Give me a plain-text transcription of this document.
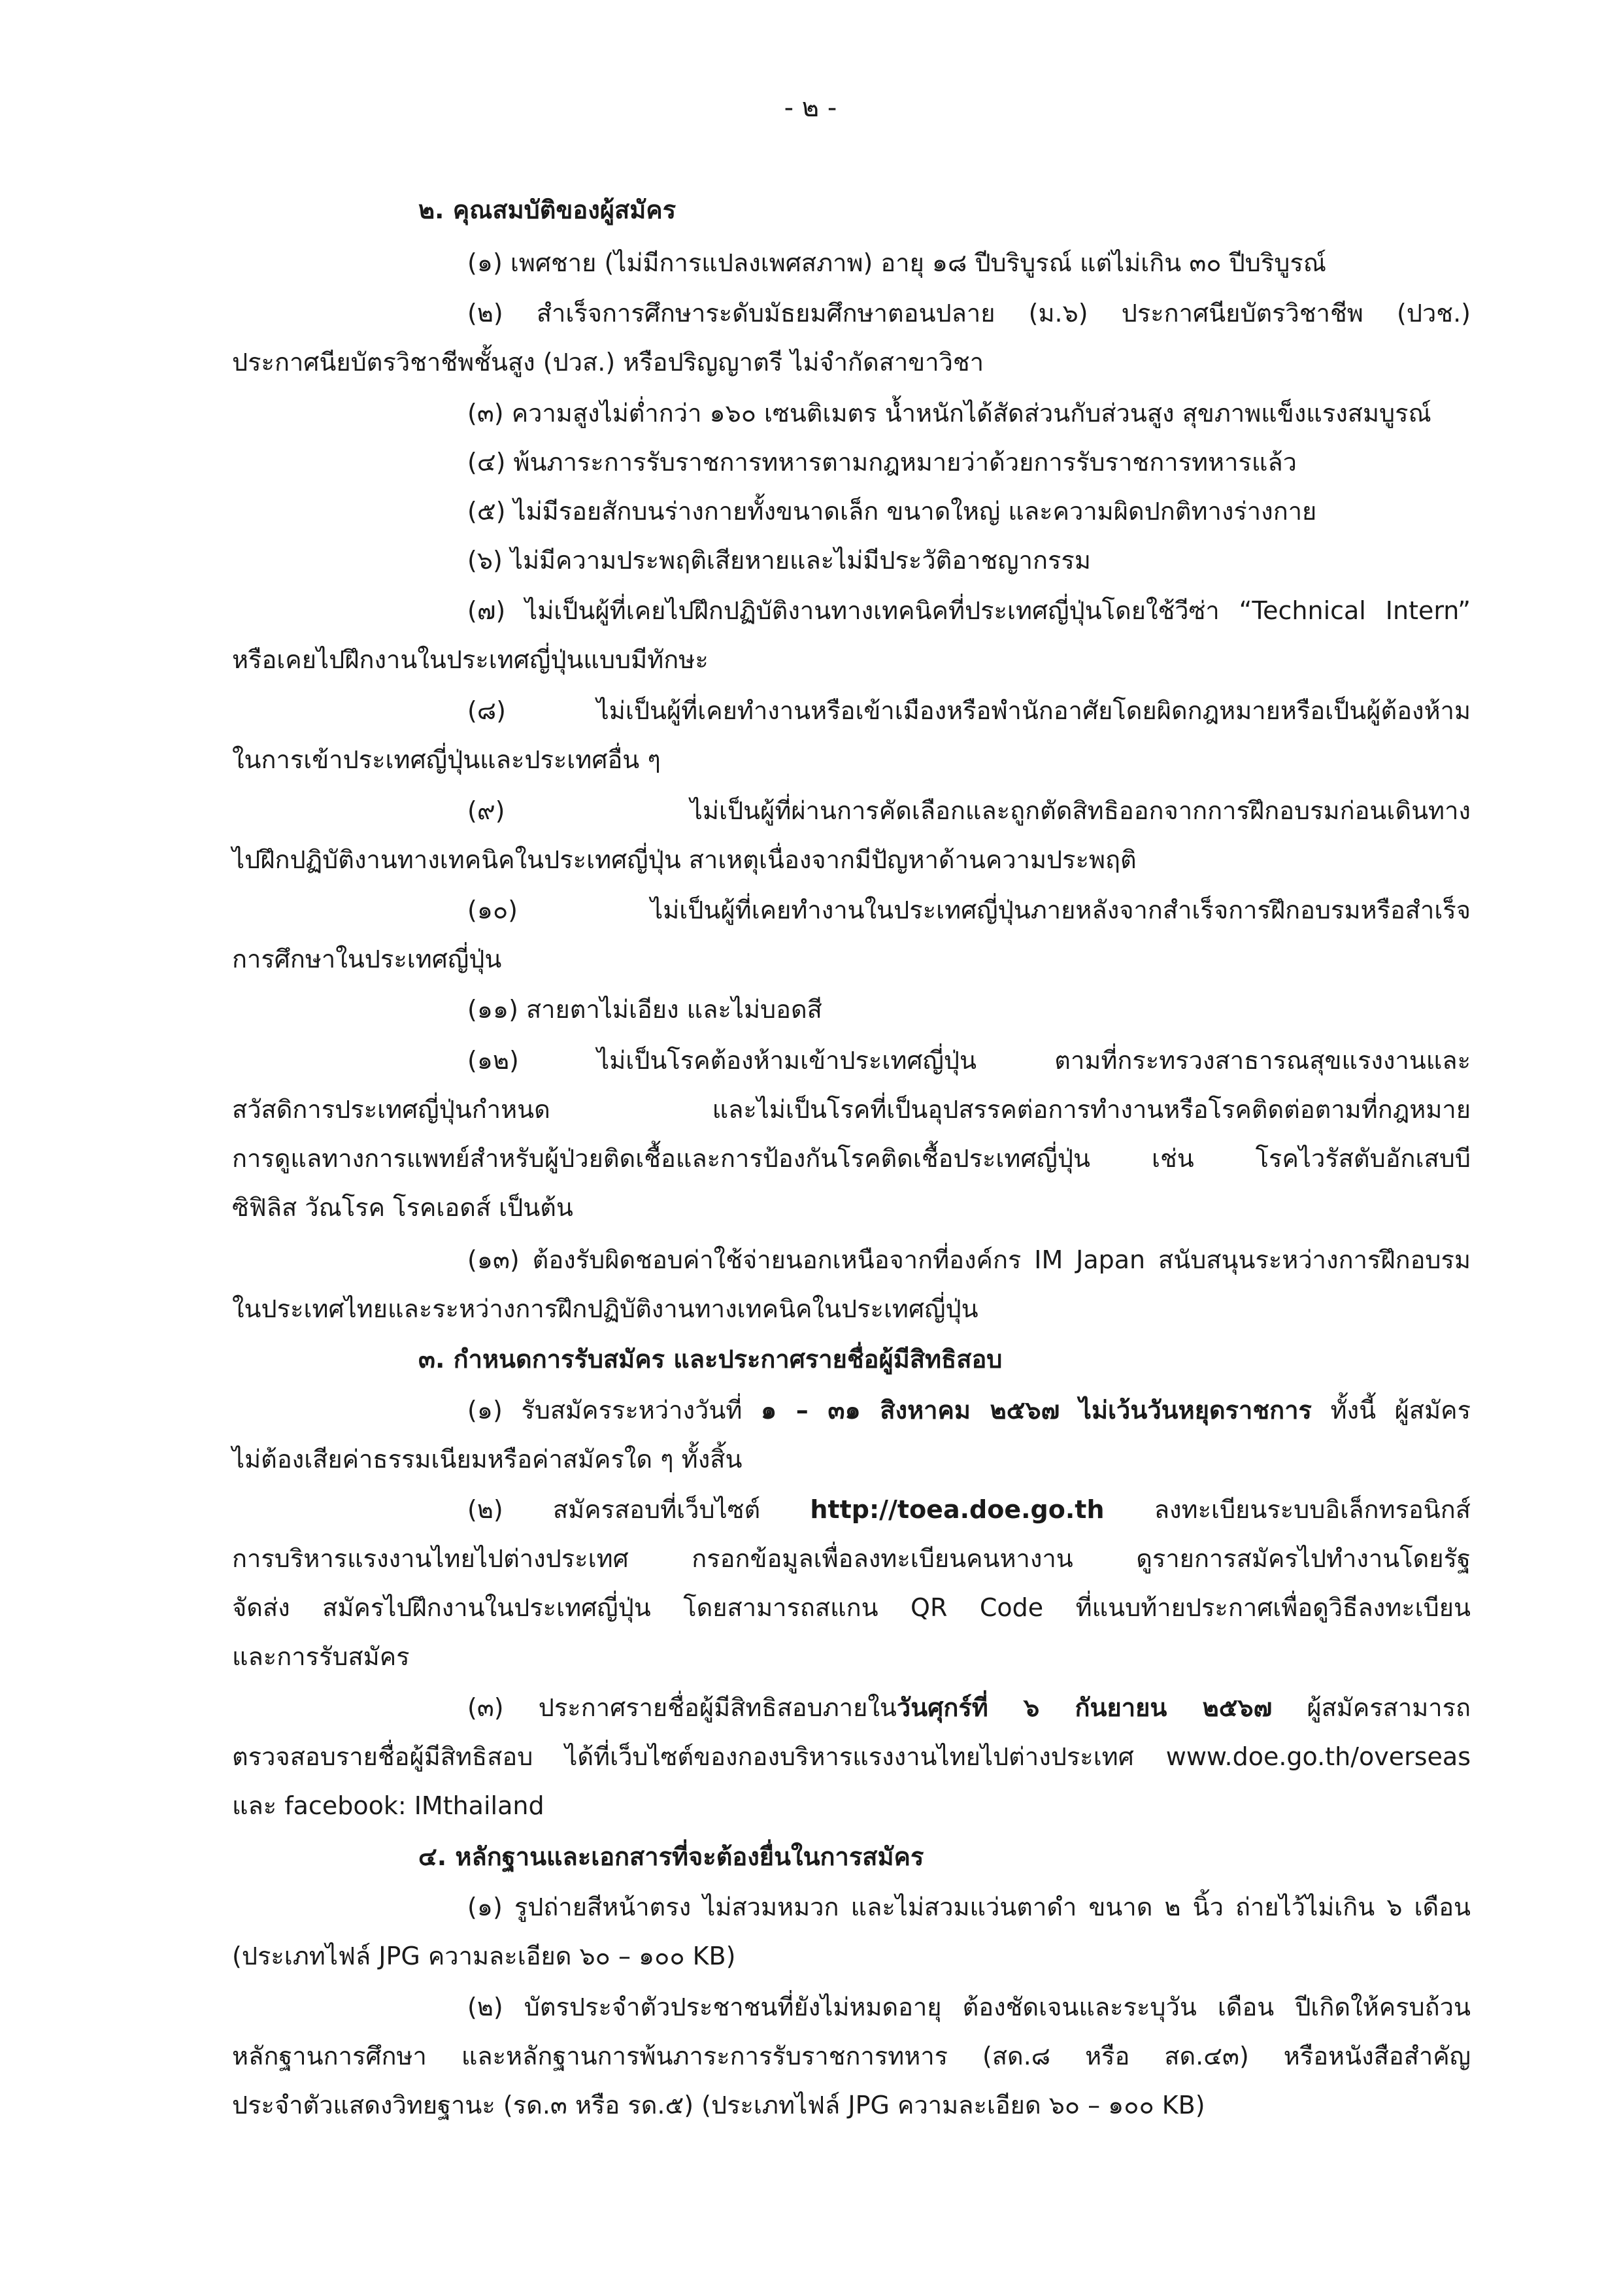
- ๒ -
๒. คุณสมบัติของผู้สมัคร
(๑) เพศชาย (ไม่มีการแปลงเพศสภาพ) อายุ ๑๘ ปีบริบูรณ์ แต่ไม่เกิน ๓๐ ปีบริบูรณ์
(๒) สำเร็จการศึกษาระดับมัธยมศึกษาตอนปลาย (ม.๖) ประกาศนียบัตรวิชาชีพ (ปวช.)
ประกาศนียบัตรวิชาชีพชั้นสูง (ปวส.) หรือปริญญาตรี ไม่จำกัดสาขาวิชา
(๓) ความสูงไม่ต่ำกว่า ๑๖๐ เซนติเมตร น้ำหนักได้สัดส่วนกับส่วนสูง สุขภาพแข็งแรงสมบูรณ์
(๔) พ้นภาระการรับราชการทหารตามกฎหมายว่าด้วยการรับราชการทหารแล้ว
(๕) ไม่มีรอยสักบนร่างกายทั้งขนาดเล็ก ขนาดใหญ่ และความผิดปกติทางร่างกาย
(๖) ไม่มีความประพฤติเสียหายและไม่มีประวัติอาชญากรรม
(๗) ไม่เป็นผู้ที่เคยไปฝึกปฏิบัติงานทางเทคนิคที่ประเทศญี่ปุ่นโดยใช้วีซ่า “Technical Intern”
หรือเคยไปฝึกงานในประเทศญี่ปุ่นแบบมีทักษะ
(๘) ไม่เป็นผู้ที่เคยทำงานหรือเข้าเมืองหรือพำนักอาศัยโดยผิดกฎหมายหรือเป็นผู้ต้องห้าม
ในการเข้าประเทศญี่ปุ่นและประเทศอื่น ๆ
(๙) ไม่เป็นผู้ที่ผ่านการคัดเลือกและถูกตัดสิทธิออกจากการฝึกอบรมก่อนเดินทาง
ไปฝึกปฏิบัติงานทางเทคนิคในประเทศญี่ปุ่น สาเหตุเนื่องจากมีปัญหาด้านความประพฤติ
(๑๐) ไม่เป็นผู้ที่เคยทำงานในประเทศญี่ปุ่นภายหลังจากสำเร็จการฝึกอบรมหรือสำเร็จ
การศึกษาในประเทศญี่ปุ่น
(๑๑) สายตาไม่เอียง และไม่บอดสี
(๑๒) ไม่เป็นโรคต้องห้ามเข้าประเทศญี่ปุ่น ตามที่กระทรวงสาธารณสุขแรงงานและ
สวัสดิการประเทศญี่ปุ่นกำหนด และไม่เป็นโรคที่เป็นอุปสรรคต่อการทำงานหรือโรคติดต่อตามที่กฎหมาย
การดูแลทางการแพทย์สำหรับผู้ป่วยติดเชื้อและการป้องกันโรคติดเชื้อประเทศญี่ปุ่น เช่น โรคไวรัสตับอักเสบบี
ซิฟิลิส วัณโรค โรคเอดส์ เป็นต้น
(๑๓) ต้องรับผิดชอบค่าใช้จ่ายนอกเหนือจากที่องค์กร IM Japan สนับสนุนระหว่างการฝึกอบรม
ในประเทศไทยและระหว่างการฝึกปฏิบัติงานทางเทคนิคในประเทศญี่ปุ่น
๓. กำหนดการรับสมัคร และประกาศรายชื่อผู้มีสิทธิสอบ
(๑) รับสมัครระหว่างวันที่ ๑ – ๓๑ สิงหาคม ๒๕๖๗ ไม่เว้นวันหยุดราชการ ทั้งนี้ ผู้สมัคร
ไม่ต้องเสียค่าธรรมเนียมหรือค่าสมัครใด ๆ ทั้งสิ้น
(๒) สมัครสอบที่เว็บไซต์ http://toea.doe.go.th ลงทะเบียนระบบอิเล็กทรอนิกส์
การบริหารแรงงานไทยไปต่างประเทศ กรอกข้อมูลเพื่อลงทะเบียนคนหางาน ดูรายการสมัครไปทำงานโดยรัฐ
จัดส่ง สมัครไปฝึกงานในประเทศญี่ปุ่น โดยสามารถสแกน QR Code ที่แนบท้ายประกาศเพื่อดูวิธีลงทะเบียน
และการรับสมัคร
(๓) ประกาศรายชื่อผู้มีสิทธิสอบภายในวันศุกร์ที่ ๖ กันยายน ๒๕๖๗ ผู้สมัครสามารถ
ตรวจสอบรายชื่อผู้มีสิทธิสอบ ได้ที่เว็บไซต์ของกองบริหารแรงงานไทยไปต่างประเทศ www.doe.go.th/overseas
และ facebook: IMthailand
๔. หลักฐานและเอกสารที่จะต้องยื่นในการสมัคร
(๑) รูปถ่ายสีหน้าตรง ไม่สวมหมวก และไม่สวมแว่นตาดำ ขนาด ๒ นิ้ว ถ่ายไว้ไม่เกิน ๖ เดือน
(ประเภทไฟล์ JPG ความละเอียด ๖๐ – ๑๐๐ KB)
(๒) บัตรประจำตัวประชาชนที่ยังไม่หมดอายุ ต้องชัดเจนและระบุวัน เดือน ปีเกิดให้ครบถ้วน
หลักฐานการศึกษา และหลักฐานการพ้นภาระการรับราชการทหาร (สด.๘ หรือ สด.๔๓) หรือหนังสือสำคัญ
ประจำตัวแสดงวิทยฐานะ (รด.๓ หรือ รด.๕) (ประเภทไฟล์ JPG ความละเอียด ๖๐ – ๑๐๐ KB)
